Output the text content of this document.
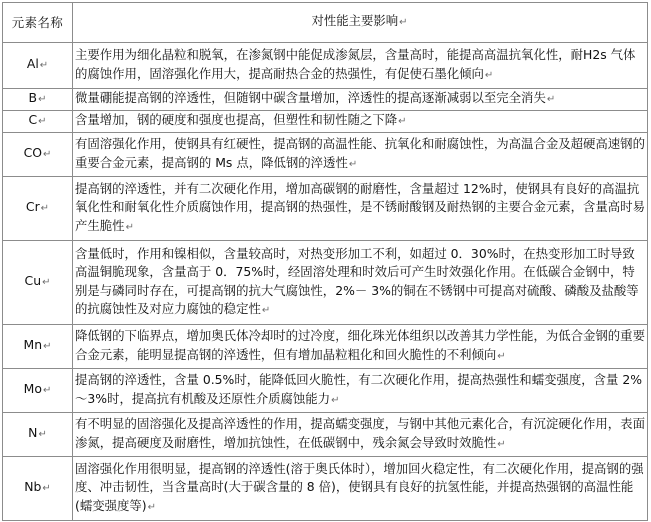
元素名称	对性能主要影响↵
Al↵	主要作用为细化晶粒和脱氧，在渗氮钢中能促成渗氮层，含量高时，能提高高温抗氧化性，耐H2s 气体的腐蚀作用，固溶强化作用大，提高耐热合金的热强性，有促使石墨化倾向↵
B↵	微量硼能提高钢的淬透性，但随钢中碳含量增加，淬透性的提高逐渐减弱以至完全消失↵
C↵	含量增加，钢的硬度和强度也提高，但塑性和韧性随之下降↵
CO↵	有固溶强化作用，使钢具有红硬性，提高钢的高温性能、抗氧化和耐腐蚀性，为高温合金及超硬高速钢的重要合金元素，提高钢的 Ms 点，降低钢的淬透性↵
Cr↵	提高钢的淬透性，并有二次硬化作用，增加高碳钢的耐磨性，含量超过 12%时，使钢具有良好的高温抗氧化性和耐氧化性介质腐蚀作用，提高钢的热强性，是不锈耐酸钢及耐热钢的主要合金元素，含量高时易产生脆性↵
Cu↵	含量低时，作用和镍相似，含量较高时，对热变形加工不利，如超过 0．30%时，在热变形加工时导致高温铜脆现象，含量高于 0．75%时，经固溶处理和时效后可产生时效强化作用。在低碳合金钢中，特别是与磷同时存在，可提高钢的抗大气腐蚀性，2%－ 3%的铜在不锈钢中可提高对硫酸、磷酸及盐酸等的抗腐蚀性及对应力腐蚀的稳定性↵
Mn↵	降低钢的下临界点，增加奥氏体冷却时的过冷度，细化珠光体组织以改善其力学性能，为低合金钢的重要合金元素，能明显提高钢的淬透性，但有增加晶粒粗化和回火脆性的不利倾向↵
Mo↵	提高钢的淬透性，含量 0.5%时，能降低回火脆性，有二次硬化作用，提高热强性和蠕变强度，含量 2%～3%时，提高抗有机酸及还原性介质腐蚀能力↵
N↵	有不明显的固溶强化及提高淬透性的作用，提高蠕变强度，与钢中其他元素化合，有沉淀硬化作用，表面渗氮，提高硬度及耐磨性，增加抗蚀性，在低碳钢中，残余氮会导致时效脆性↵
Nb↵	固溶强化作用很明显，提高钢的淬透性(溶于奥氏体时），增加回火稳定性，有二次硬化作用，提高钢的强度、冲击韧性，当含量高时(大于碳含量的 8 倍)，使钢具有良好的抗氢性能，并提高热强钢的高温性能(蠕变强度等)↵
